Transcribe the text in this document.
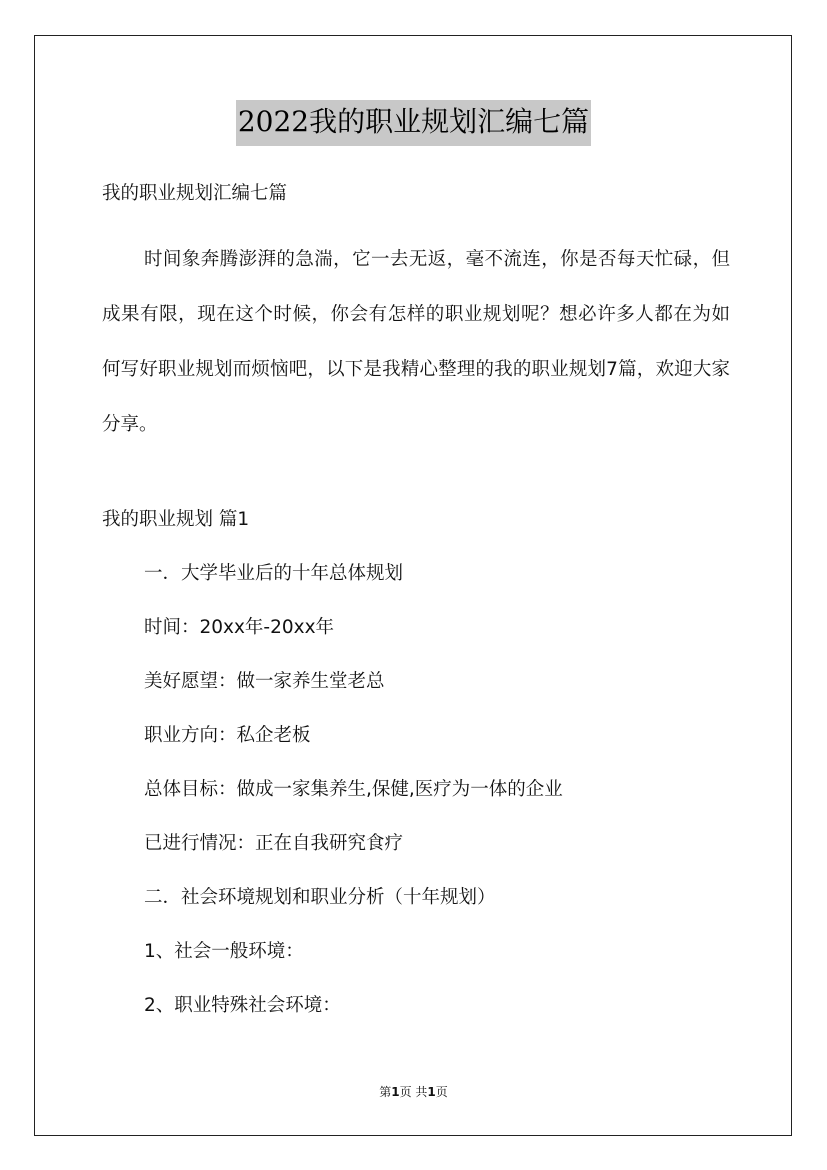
2022我的职业规划汇编七篇
我的职业规划汇编七篇

时间象奔腾澎湃的急湍，它一去无返，毫不流连，你是否每天忙碌，但成果有限，现在这个时候，你会有怎样的职业规划呢？想必许多人都在为如何写好职业规划而烦恼吧，以下是我精心整理的我的职业规划7篇，欢迎大家分享。

我的职业规划 篇1
一．大学毕业后的十年总体规划
时间：20xx年-20xx年
美好愿望：做一家养生堂老总
职业方向：私企老板
总体目标：做成一家集养生,保健,医疗为一体的企业
已进行情况：正在自我研究食疗
二．社会环境规划和职业分析（十年规划）
1、社会一般环境：
2、职业特殊社会环境：
第1页 共1页
